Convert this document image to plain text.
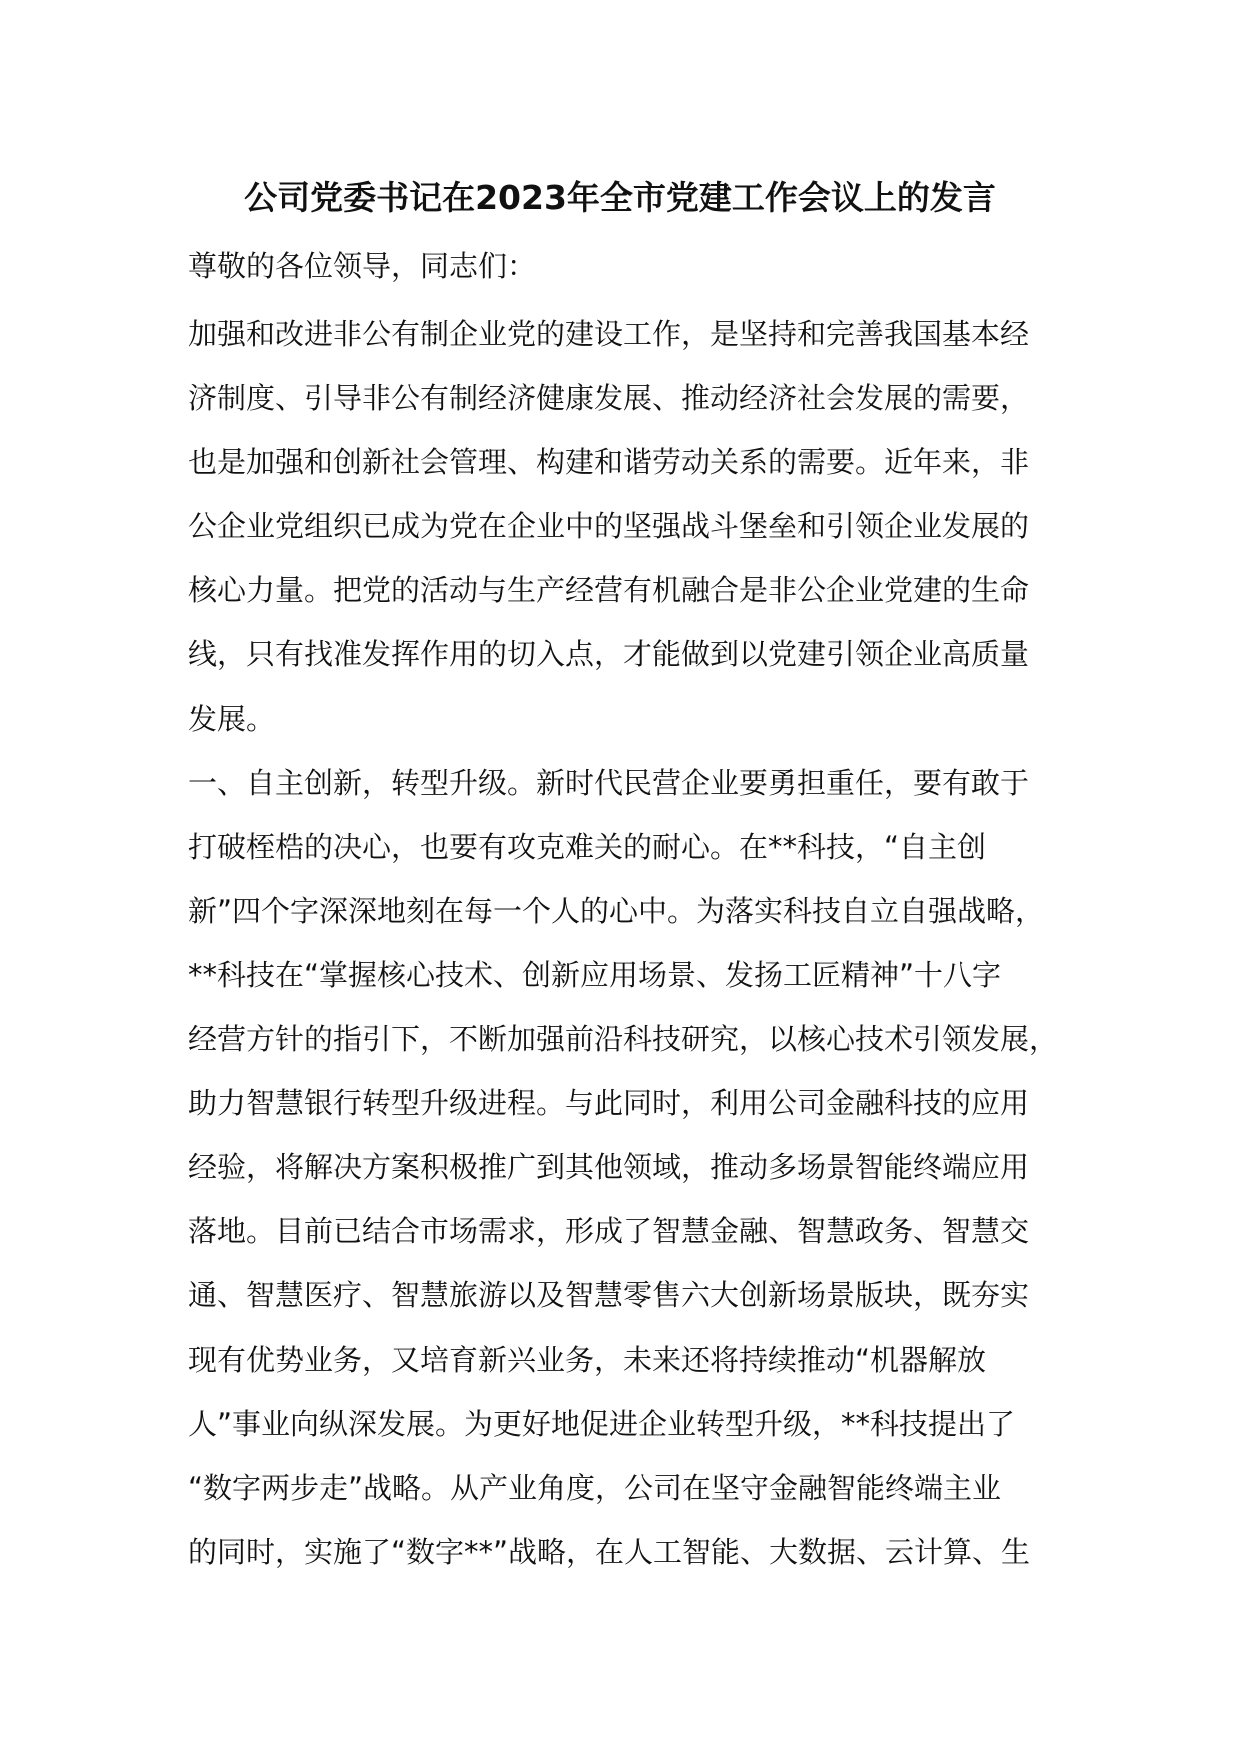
公司党委书记在2023年全市党建工作会议上的发言

尊敬的各位领导，同志们：

加强和改进非公有制企业党的建设工作，是坚持和完善我国基本经
济制度、引导非公有制经济健康发展、推动经济社会发展的需要，
也是加强和创新社会管理、构建和谐劳动关系的需要。近年来，非
公企业党组织已成为党在企业中的坚强战斗堡垒和引领企业发展的
核心力量。把党的活动与生产经营有机融合是非公企业党建的生命
线，只有找准发挥作用的切入点，才能做到以党建引领企业高质量
发展。
一、自主创新，转型升级。新时代民营企业要勇担重任，要有敢于
打破桎梏的决心，也要有攻克难关的耐心。在**科技，“自主创
新”四个字深深地刻在每一个人的心中。为落实科技自立自强战略，
**科技在“掌握核心技术、创新应用场景、发扬工匠精神”十八字
经营方针的指引下，不断加强前沿科技研究，以核心技术引领发展，
助力智慧银行转型升级进程。与此同时，利用公司金融科技的应用
经验，将解决方案积极推广到其他领域，推动多场景智能终端应用
落地。目前已结合市场需求，形成了智慧金融、智慧政务、智慧交
通、智慧医疗、智慧旅游以及智慧零售六大创新场景版块，既夯实
现有优势业务，又培育新兴业务，未来还将持续推动“机器解放
人”事业向纵深发展。为更好地促进企业转型升级，**科技提出了
“数字两步走”战略。从产业角度，公司在坚守金融智能终端主业
的同时，实施了“数字**”战略，在人工智能、大数据、云计算、生
